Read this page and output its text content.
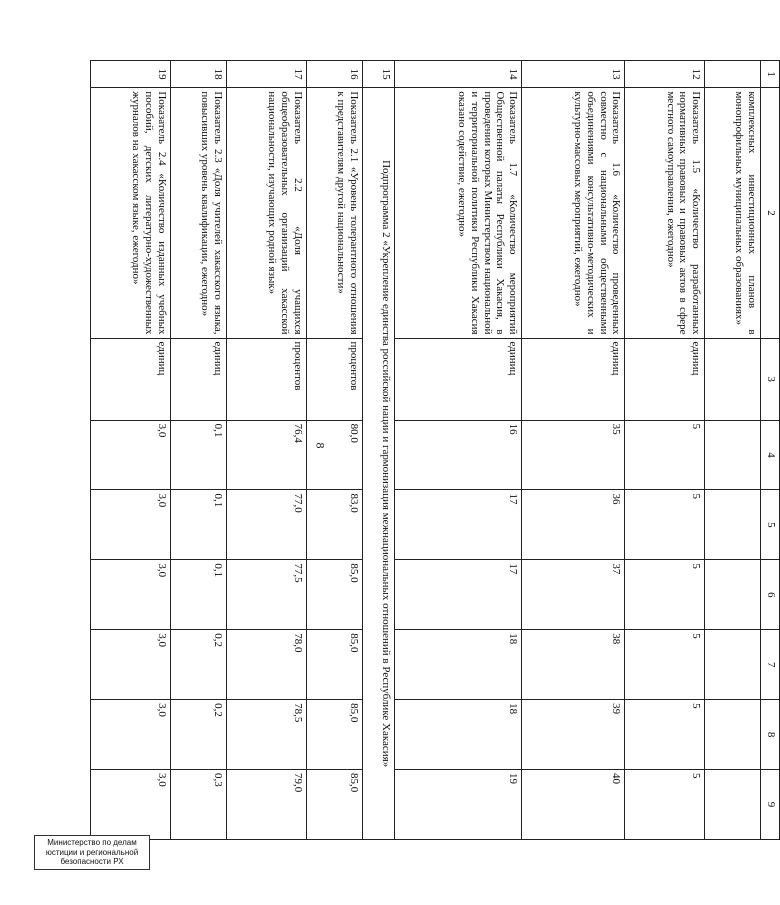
8
1	2	3	4	5	6	7	8	9
	комплексных инвестиционных планов в монопрофильных муниципальных образованиях»							
12	Показатель 1.5 «Количество разработанных нормативных правовых и правовых актов в сфере местного самоуправления, ежегодно»	единиц	5	5	5	5	5	5
13	Показатель 1.6 «Количество проведенных совместно с национальными общественными объединениями консультативно-методических и культурно-массовых мероприятий, ежегодно»	единиц	35	36	37	38	39	40
14	Показатель 1.7 «Количество мероприятий Общественной палаты Республики Хакасия, в проведении которых Министерством национальной и территориальной политики Республики Хакасия оказано содействие, ежегодно»	единиц	16	17	17	18	18	19
15	Подпрограмма 2 «Укрепление единства российской нации и гармонизация межнациональных отношений в Республике Хакасия»							
16	Показатель 2.1 «Уровень толерантного отношения к представителям другой национальности»	процентов	80,0	83,0	85,0	85,0	85,0	85,0
17	Показатель 2.2 «Доля учащихся общеобразовательных организаций хакасской национальности, изучающих родной язык»	процентов	76,4	77,0	77,5	78,0	78,5	79,0
18	Показатель 2.3 «Доля учителей хакасского языка, повысивших уровень квалификации, ежегодно»	единиц	0,1	0,1	0,1	0,2	0,2	0,3
19	Показатель 2.4 «Количество изданных учебных пособий, детских литературно-художественных журналов на хакасском языке, ежегодно»	единиц	3,0	3,0	3,0	3,0	3,0	3,0
Министерство по делам
юстиции и региональной
безопасности РХ
